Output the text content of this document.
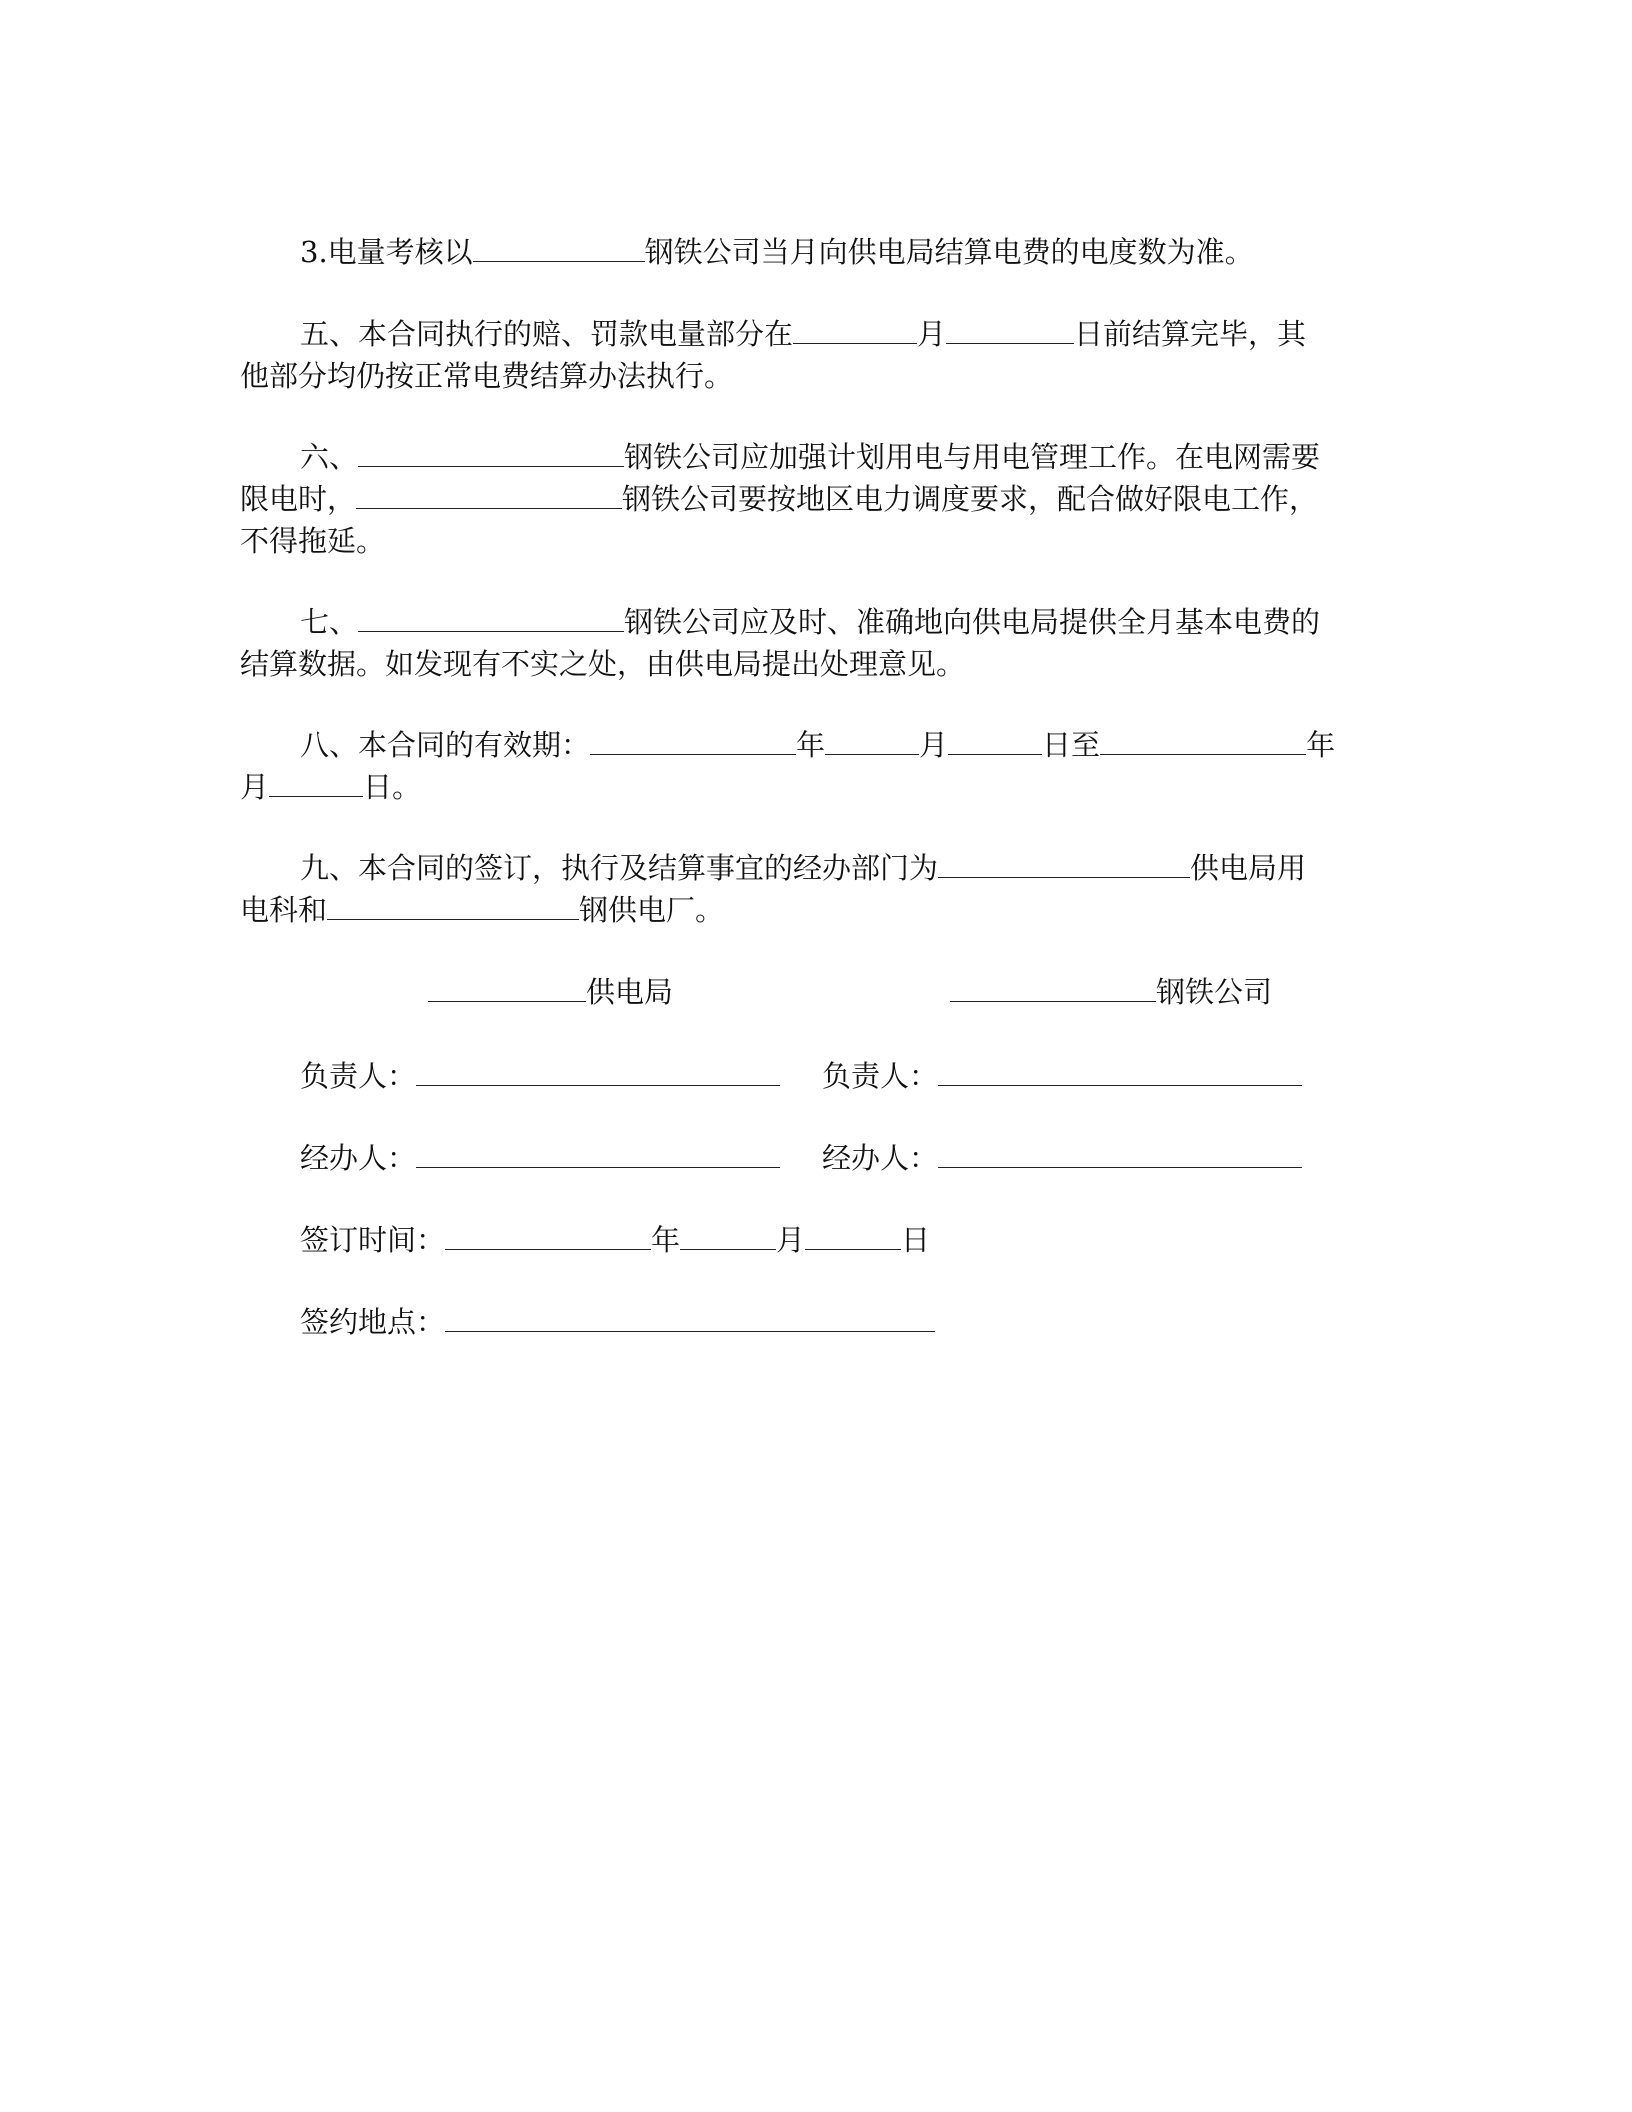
3.电量考核以	钢铁公司当月向供电局结算电费的电度数为准。
五、本合同执行的赔、罚款电量部分在	月	日前结算完毕，其
他部分均仍按正常电费结算办法执行。
六、	钢铁公司应加强计划用电与用电管理工作。在电网需要
限电时，	钢铁公司要按地区电力调度要求，配合做好限电工作，
不得拖延。
七、	钢铁公司应及时、准确地向供电局提供全月基本电费的
结算数据。如发现有不实之处，由供电局提出处理意见。
八、本合同的有效期：	年	月	日至	年
月	日。
九、本合同的签订，执行及结算事宜的经办部门为	供电局用
电科和	钢供电厂。
供电局	钢铁公司
负责人：	负责人：
经办人：	经办人：
签订时间：	年	月	日
签约地点：
